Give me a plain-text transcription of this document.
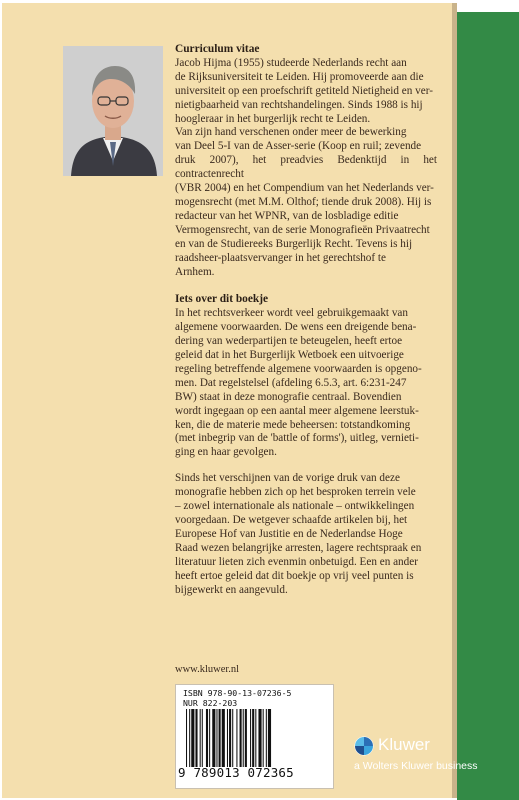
Curriculum vitae

Jacob Hijma (1955) studeerde Nederlands recht aan

de Rijksuniversiteit te Leiden. Hij promoveerde aan die

universiteit op een proefschrift getiteld Nietigheid en ver-

nietigbaarheid van rechtshandelingen. Sinds 1988 is hij

hoogleraar in het burgerlijk recht te Leiden.

Van zijn hand verschenen onder meer de bewerking

van Deel 5-I van de Asser-serie (Koop en ruil; zevende

druk 2007), het preadvies Bedenktijd in het contractenrecht

(VBR 2004) en het Compendium van het Nederlands ver-

mogensrecht (met M.M. Olthof; tiende druk 2008). Hij is

redacteur van het WPNR, van de losbladige editie

Vermogensrecht, van de serie Monografieën Privaatrecht

en van de Studiereeks Burgerlijk Recht. Tevens is hij

raadsheer-plaatsvervanger in het gerechtshof te

Arnhem.

Iets over dit boekje

In het rechtsverkeer wordt veel gebruikgemaakt van

algemene voorwaarden. De wens een dreigende bena-

dering van wederpartijen te beteugelen, heeft ertoe

geleid dat in het Burgerlijk Wetboek een uitvoerige

regeling betreffende algemene voorwaarden is opgeno-

men. Dat regelstelsel (afdeling 6.5.3, art. 6:231-247

BW) staat in deze monografie centraal. Bovendien

wordt ingegaan op een aantal meer algemene leerstuk-

ken, die de materie mede beheersen: totstandkoming

(met inbegrip van de 'battle of forms'), uitleg, vernieti-

ging en haar gevolgen.

Sinds het verschijnen van de vorige druk van deze

monografie hebben zich op het besproken terrein vele

– zowel internationale als nationale – ontwikkelingen

voorgedaan. De wetgever schaafde artikelen bij, het

Europese Hof van Justitie en de Nederlandse Hoge

Raad wezen belangrijke arresten, lagere rechtspraak en

literatuur lieten zich evenmin onbetuigd. Een en ander

heeft ertoe geleid dat dit boekje op vrij veel punten is

bijgewerkt en aangevuld.

www.kluwer.nl
ISBN 978-90-13-07236-5
NUR 822-203
9 789013 072365
Kluwer
a Wolters Kluwer business
